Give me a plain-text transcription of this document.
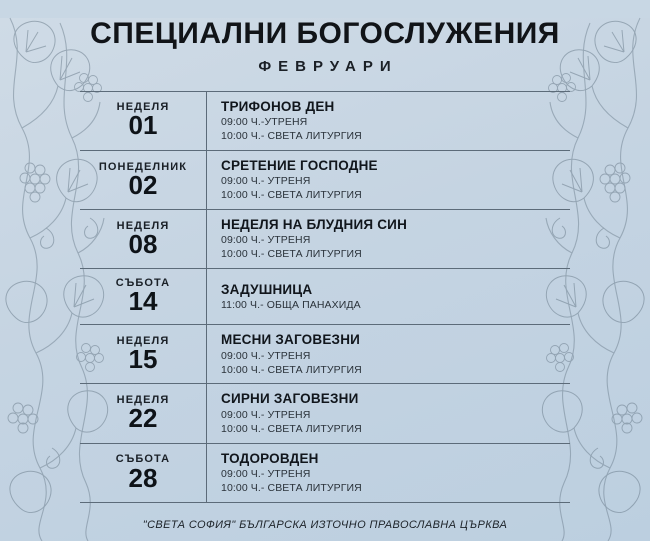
СПЕЦИАЛНИ БОГОСЛУЖЕНИЯ
ФЕВРУАРИ
НЕДЕЛЯ
01
ТРИФОНОВ ДЕН
09:00 Ч.-УТРЕНЯ
10:00 Ч.- СВЕТА ЛИТУРГИЯ
ПОНЕДЕЛНИК
02
СРЕТЕНИЕ ГОСПОДНЕ
09:00 Ч.- УТРЕНЯ
10:00 Ч.- СВЕТА ЛИТУРГИЯ
НЕДЕЛЯ
08
НЕДЕЛЯ НА БЛУДНИЯ СИН
09:00 Ч.- УТРЕНЯ
10:00 Ч.- СВЕТА ЛИТУРГИЯ
СЪБОТА
14	ЗАДУШНИЦА
11:00 Ч.- ОБЩА ПАНАХИДА
НЕДЕЛЯ
15
МЕСНИ ЗАГОВЕЗНИ
09:00 Ч.- УТРЕНЯ
10:00 Ч.- СВЕТА ЛИТУРГИЯ
НЕДЕЛЯ
22
СИРНИ ЗАГОВЕЗНИ
09:00 Ч.- УТРЕНЯ
10:00 Ч.- СВЕТА ЛИТУРГИЯ
СЪБОТА
28
ТОДОРОВДЕН
09:00 Ч.- УТРЕНЯ
10:00 Ч.- СВЕТА ЛИТУРГИЯ
"СВЕТА СОФИЯ" БЪЛГАРСКА ИЗТОЧНО ПРАВОСЛАВНА ЦЪРКВА
